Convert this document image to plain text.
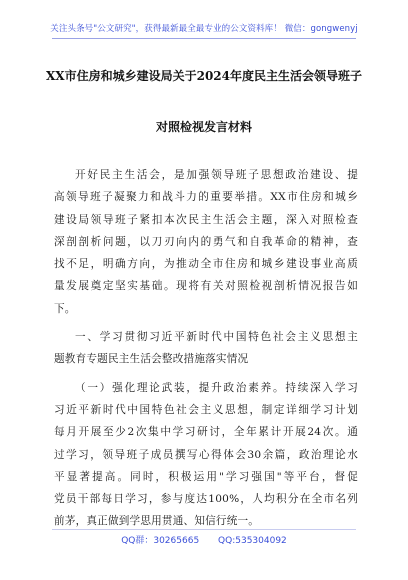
关注头条号"公文研究"，获得最新最全最专业的公文资料库！ 微信：gongwenyj
XX市住房和城乡建设局关于2024年度民主生活会领导班子
对照检视发言材料
开好民主生活会，是加强领导班子思想政治建设、提
高领导班子凝聚力和战斗力的重要举措。XX市住房和城乡
建设局领导班子紧扣本次民主生活会主题，深入对照检查
深剖剖析问题，以刀刃向内的勇气和自我革命的精神，查
找不足，明确方向，为推动全市住房和城乡建设事业高质
量发展奠定坚实基础。现将有关对照检视剖析情况报告如
下。
一、学习贯彻习近平新时代中国特色社会主义思想主
题教育专题民主生活会整改措施落实情况
（一）强化理论武装，提升政治素养。持续深入学习
习近平新时代中国特色社会主义思想，制定详细学习计划
每月开展至少2次集中学习研讨，全年累计开展24次。通
过学习，领导班子成员撰写心得体会30余篇，政治理论水
平显著提高。同时，积极运用"学习强国"等平台，督促
党员干部每日学习，参与度达100%，人均积分在全市名列
前茅，真正做到学思用贯通、知信行统一。
QQ群：30265665 QQ:535304092
